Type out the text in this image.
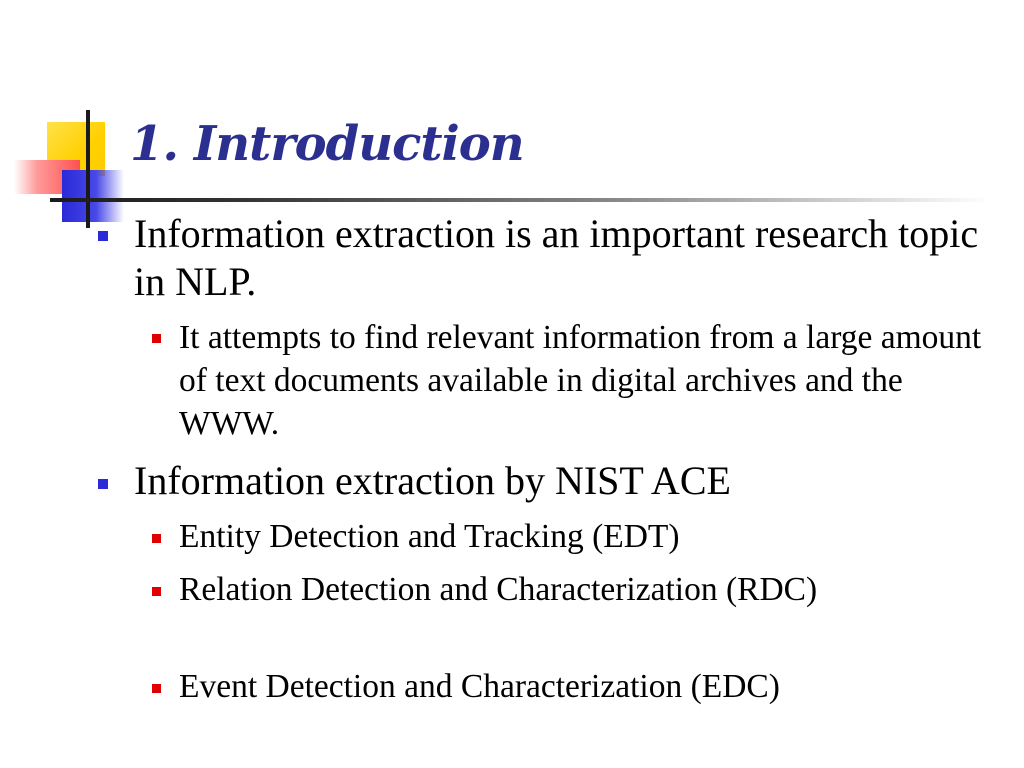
1. Introduction

Information extraction is an important research topic in NLP.

It attempts to find relevant information from a large amount of text documents available in digital archives and the WWW.

Information extraction by NIST ACE

Entity Detection and Tracking (EDT)

Relation Detection and Characterization (RDC)

Event Detection and Characterization (EDC)
